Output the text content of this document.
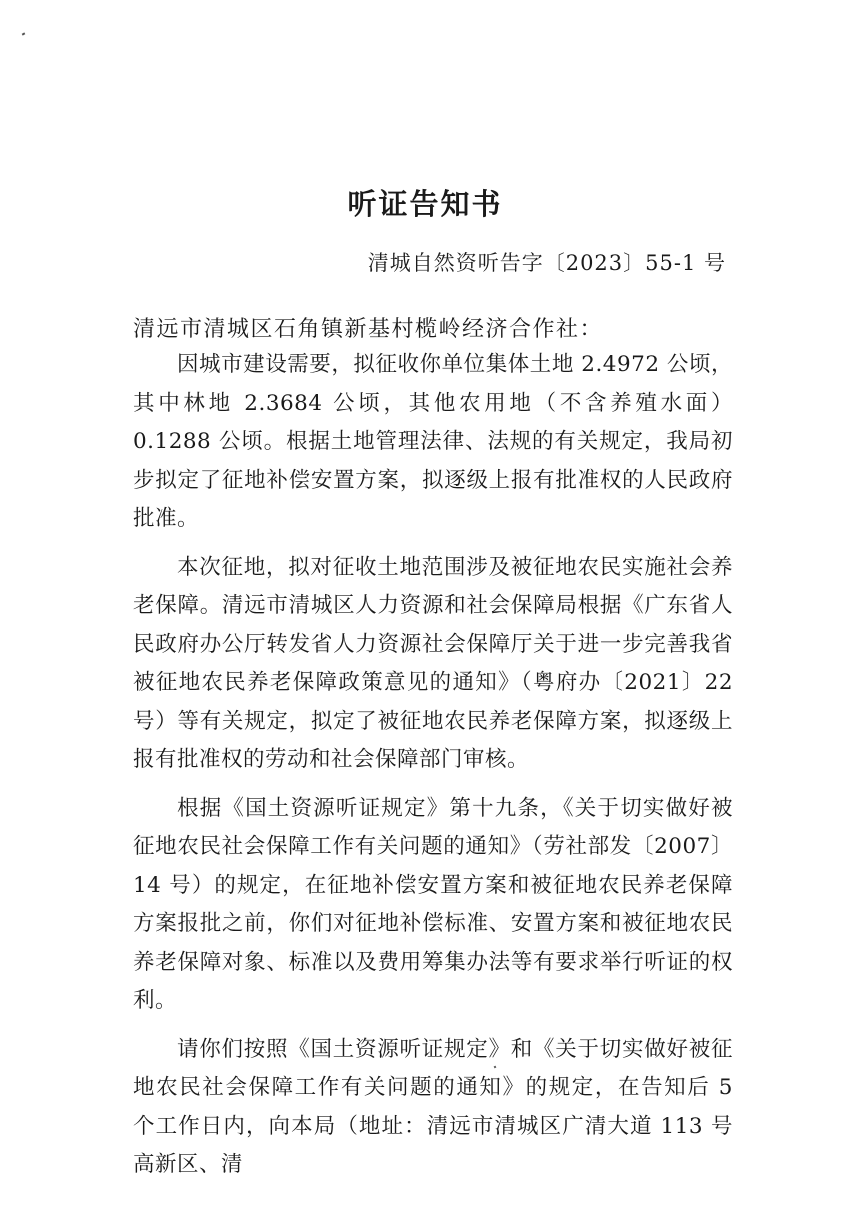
听证告知书

清城自然资听告字〔2023〕55-1 号

清远市清城区石角镇新基村榄岭经济合作社：

因城市建设需要，拟征收你单位集体土地 2.4972 公顷，其中林地 2.3684 公顷，其他农用地（不含养殖水面）0.1288 公顷。根据土地管理法律、法规的有关规定，我局初步拟定了征地补偿安置方案，拟逐级上报有批准权的人民政府批准。

本次征地，拟对征收土地范围涉及被征地农民实施社会养老保障。清远市清城区人力资源和社会保障局根据《广东省人民政府办公厅转发省人力资源社会保障厅关于进一步完善我省被征地农民养老保障政策意见的通知》（粤府办〔2021〕22 号）等有关规定，拟定了被征地农民养老保障方案，拟逐级上报有批准权的劳动和社会保障部门审核。

根据《国土资源听证规定》第十九条，《关于切实做好被征地农民社会保障工作有关问题的通知》（劳社部发〔2007〕14 号）的规定，在征地补偿安置方案和被征地农民养老保障方案报批之前，你们对征地补偿标准、安置方案和被征地农民养老保障对象、标准以及费用筹集办法等有要求举行听证的权利。

请你们按照《国土资源听证规定》和《关于切实做好被征地农民社会保障工作有关问题的通知》的规定，在告知后 5 个工作日内，向本局（地址：清远市清城区广清大道 113 号高新区、清
